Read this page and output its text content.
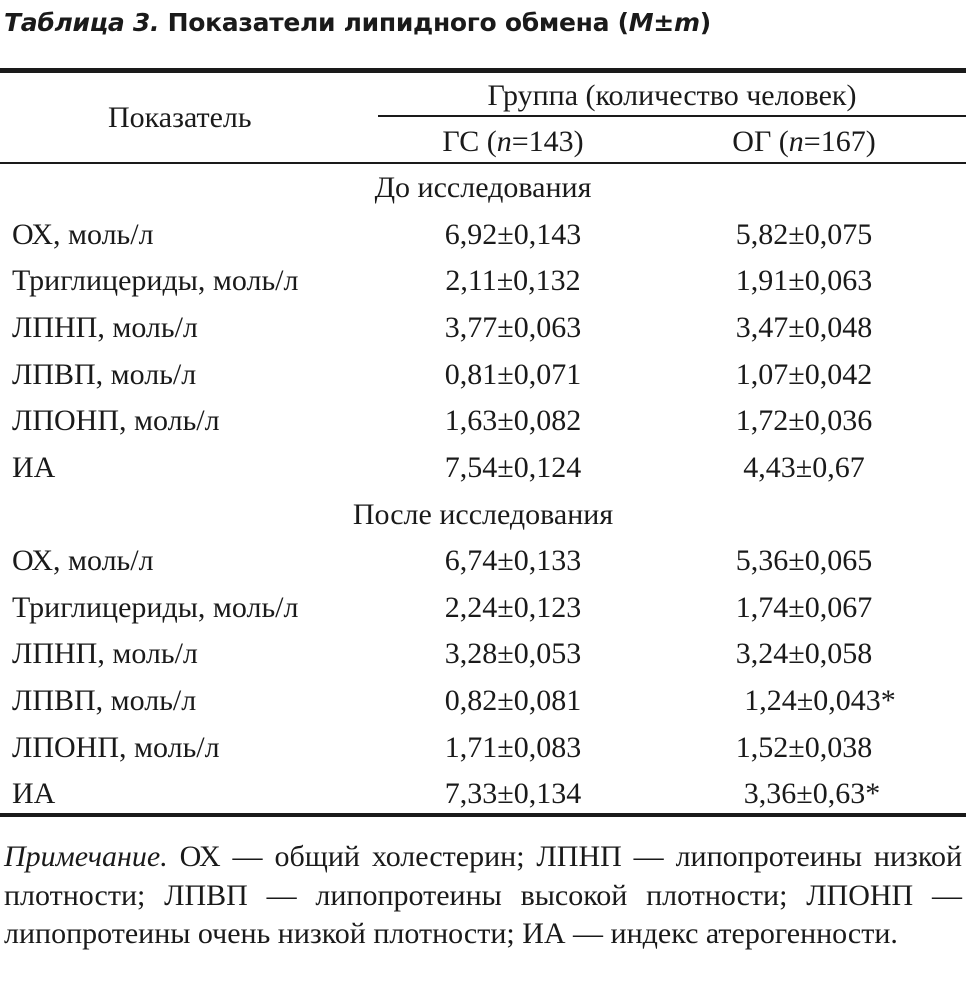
Таблица 3. Показатели липидного обмена (M±m)
Показатель
Группа (количество человек)
ГС (n=143)	ОГ (n=167)
До исследования
ОХ, моль/л	6,92±0,143	5,82±0,075
Триглицериды, моль/л	2,11±0,132	1,91±0,063
ЛПНП, моль/л	3,77±0,063	3,47±0,048
ЛПВП, моль/л	0,81±0,071	1,07±0,042
ЛПОНП, моль/л	1,63±0,082	1,72±0,036
ИА	7,54±0,124	4,43±0,67
После исследования
ОХ, моль/л	6,74±0,133	5,36±0,065
Триглицериды, моль/л	2,24±0,123	1,74±0,067
ЛПНП, моль/л	3,28±0,053	3,24±0,058
ЛПВП, моль/л	0,82±0,081	1,24±0,043*
ЛПОНП, моль/л	1,71±0,083	1,52±0,038
ИА	7,33±0,134	3,36±0,63*
Примечание. ОХ — общий холестерин; ЛПНП — липопротеины низкой плотности; ЛПВП — липопротеины высокой плотности; ЛПОНП — липопротеины очень низкой плотности; ИА — индекс атерогенности.
